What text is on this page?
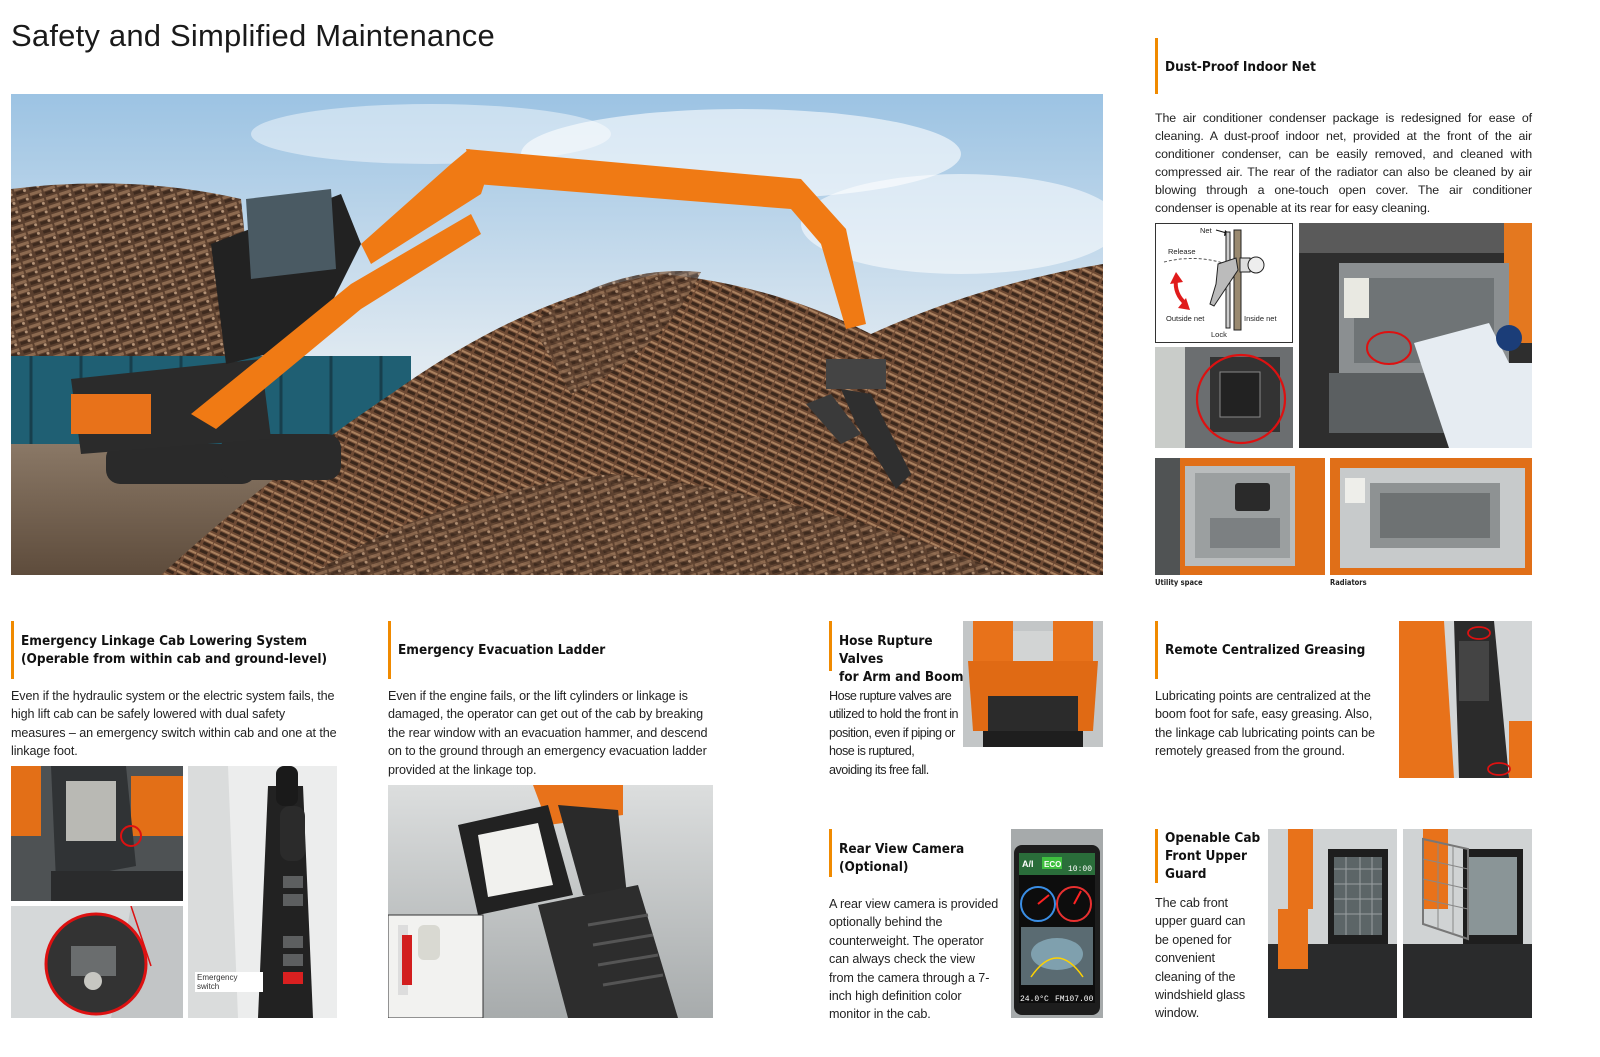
Safety and Simplified Maintenance
Dust-Proof Indoor Net
The air conditioner condenser package is redesigned for ease of cleaning. A dust-proof indoor net, provided at the front of the air conditioner condenser, can be easily removed, and cleaned with compressed air. The rear of the radiator can also be cleaned by air blowing through a one-touch open cover. The air conditioner condenser is openable at its rear for easy cleaning.
Net
Release
Outside net	Inside net
Lock
Utility space	Radiators
Emergency Linkage Cab Lowering System
(Operable from within cab and ground-level)
Even if the hydraulic system or the electric system fails, the high lift cab can be safely lowered with dual safety measures – an emergency switch within cab and one at the linkage foot.
Emergency switch
Emergency Evacuation Ladder
Even if the engine fails, or the lift cylinders or linkage is damaged, the operator can get out of the cab by breaking the rear window with an evacuation hammer, and descend on to the ground through an emergency evacuation ladder provided at the linkage top.
Hose Rupture Valves
for Arm and Boom
Hose rupture valves are utilized to hold the front in position, even if piping or hose is ruptured, avoiding its free fall.
Remote Centralized Greasing
Lubricating points are centralized at the boom foot for safe, easy greasing. Also, the linkage cab lubricating points can be remotely greased from the ground.
Rear View Camera
(Optional)
A rear view camera is provided optionally behind the counterweight. The operator can always check the view from the camera through a 7-inch high definition color monitor in the cab.
A/I ECO
10:00
24.0°C FM107.00
Openable Cab
Front Upper
Guard
The cab front upper guard can be opened for convenient cleaning of the windshield glass window.
